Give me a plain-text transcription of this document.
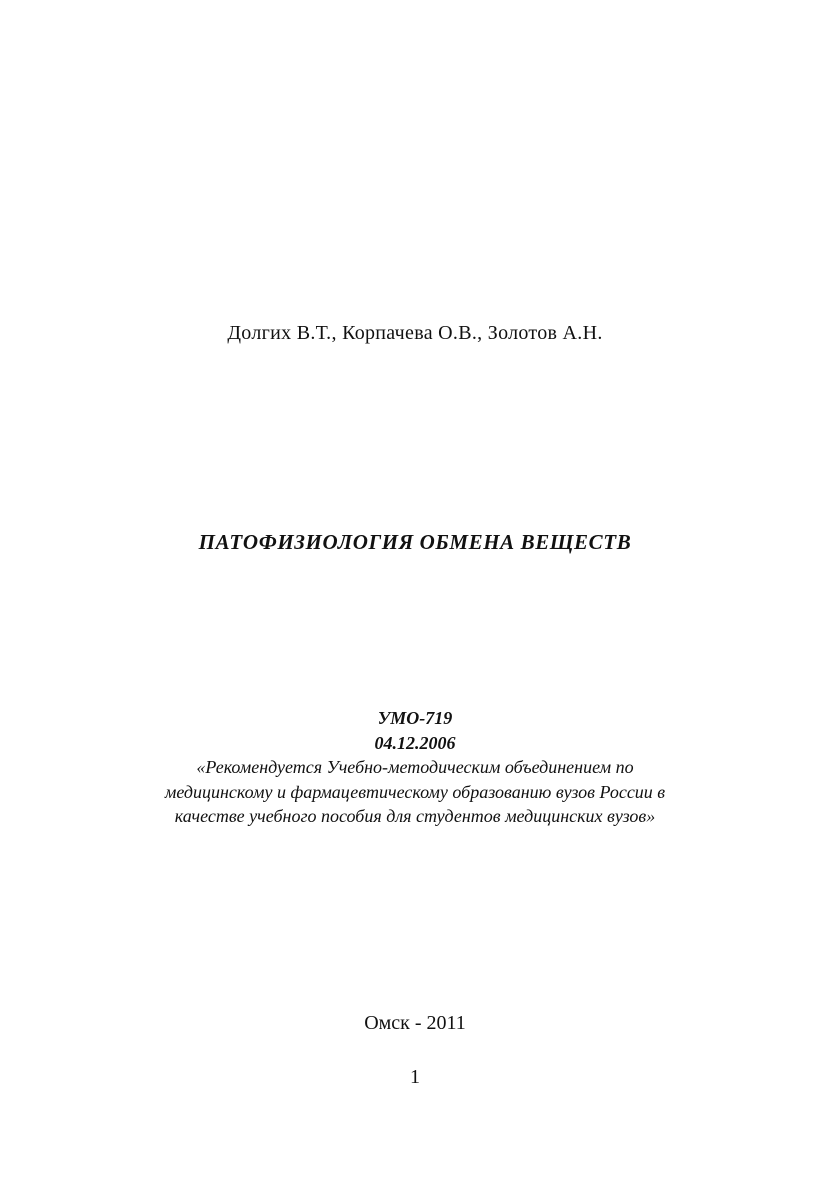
Долгих В.Т., Корпачева О.В., Золотов А.Н.
ПАТОФИЗИОЛОГИЯ ОБМЕНА ВЕЩЕСТВ
УМО-719
04.12.2006
«Рекомендуется Учебно-методическим объединением по
медицинскому и фармацевтическому образованию вузов России в
качестве учебного пособия для студентов медицинских вузов»
Омск - 2011
1
